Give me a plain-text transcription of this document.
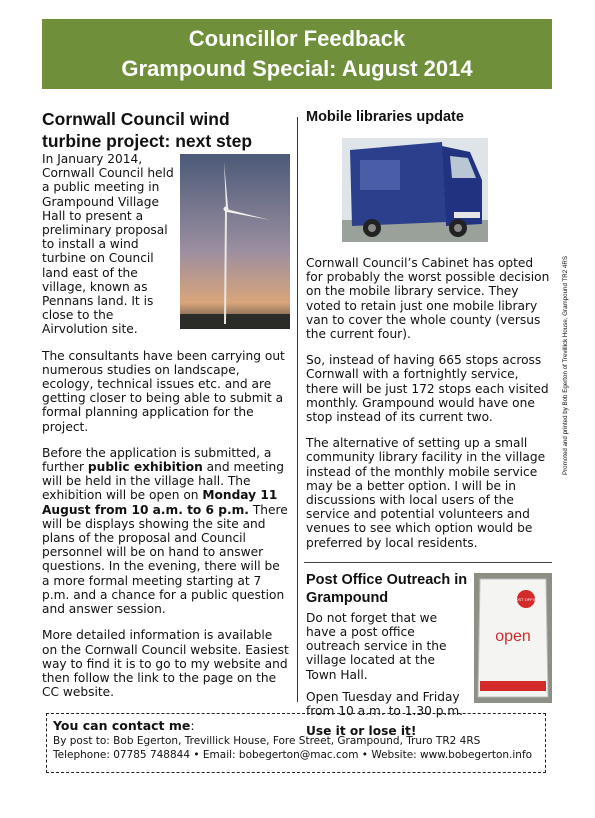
Councillor Feedback
Grampound Special: August 2014
Cornwall Council wind turbine project: next step

In January 2014, Cornwall Council held a public meeting in Grampound Village Hall to present a preliminary proposal to install a wind turbine on Council land east of the village, known as Pennans land. It is close to the Airvolution site.

The consultants have been carrying out numerous studies on landscape, ecology, technical issues etc. and are getting closer to being able to submit a formal planning application for the project.

Before the application is submitted, a further public exhibition and meeting will be held in the village hall. The exhibition will be open on Monday 11 August from 10 a.m. to 6 p.m. There will be displays showing the site and plans of the proposal and Council personnel will be on hand to answer questions. In the evening, there will be a more formal meeting starting at 7 p.m. and a chance for a public question and answer session.

More detailed information is available on the Cornwall Council website. Easiest way to find it is to go to my website and then follow the link to the page on the CC website.

Mobile libraries update

Cornwall Council’s Cabinet has opted for probably the worst possible decision on the mobile library service. They voted to retain just one mobile library van to cover the whole county (versus the current four).

So, instead of having 665 stops across Cornwall with a fortnightly service, there will be just 172 stops each visited monthly. Grampound would have one stop instead of its current two.

The alternative of setting up a small community library facility in the village instead of the monthly mobile service may be a better option. I will be in discussions with local users of the service and potential volunteers and venues to see which option would be preferred by local residents.

POST OFFICE
open
Post Office Outreach in Grampound

Do not forget that we have a post office outreach service in the village located at the Town Hall.

Open Tuesday and Friday from 10 a.m. to 1.30 p.m.

Use it or lose it!

Promoted and printed by Bob Egerton of Trevillick House, Grampound TR2 4RS
You can contact me:
By post to: Bob Egerton, Trevillick House, Fore Street, Grampound, Truro TR2 4RS
Telephone: 07785 748844 • Email: bobegerton@mac.com • Website: www.bobegerton.info
